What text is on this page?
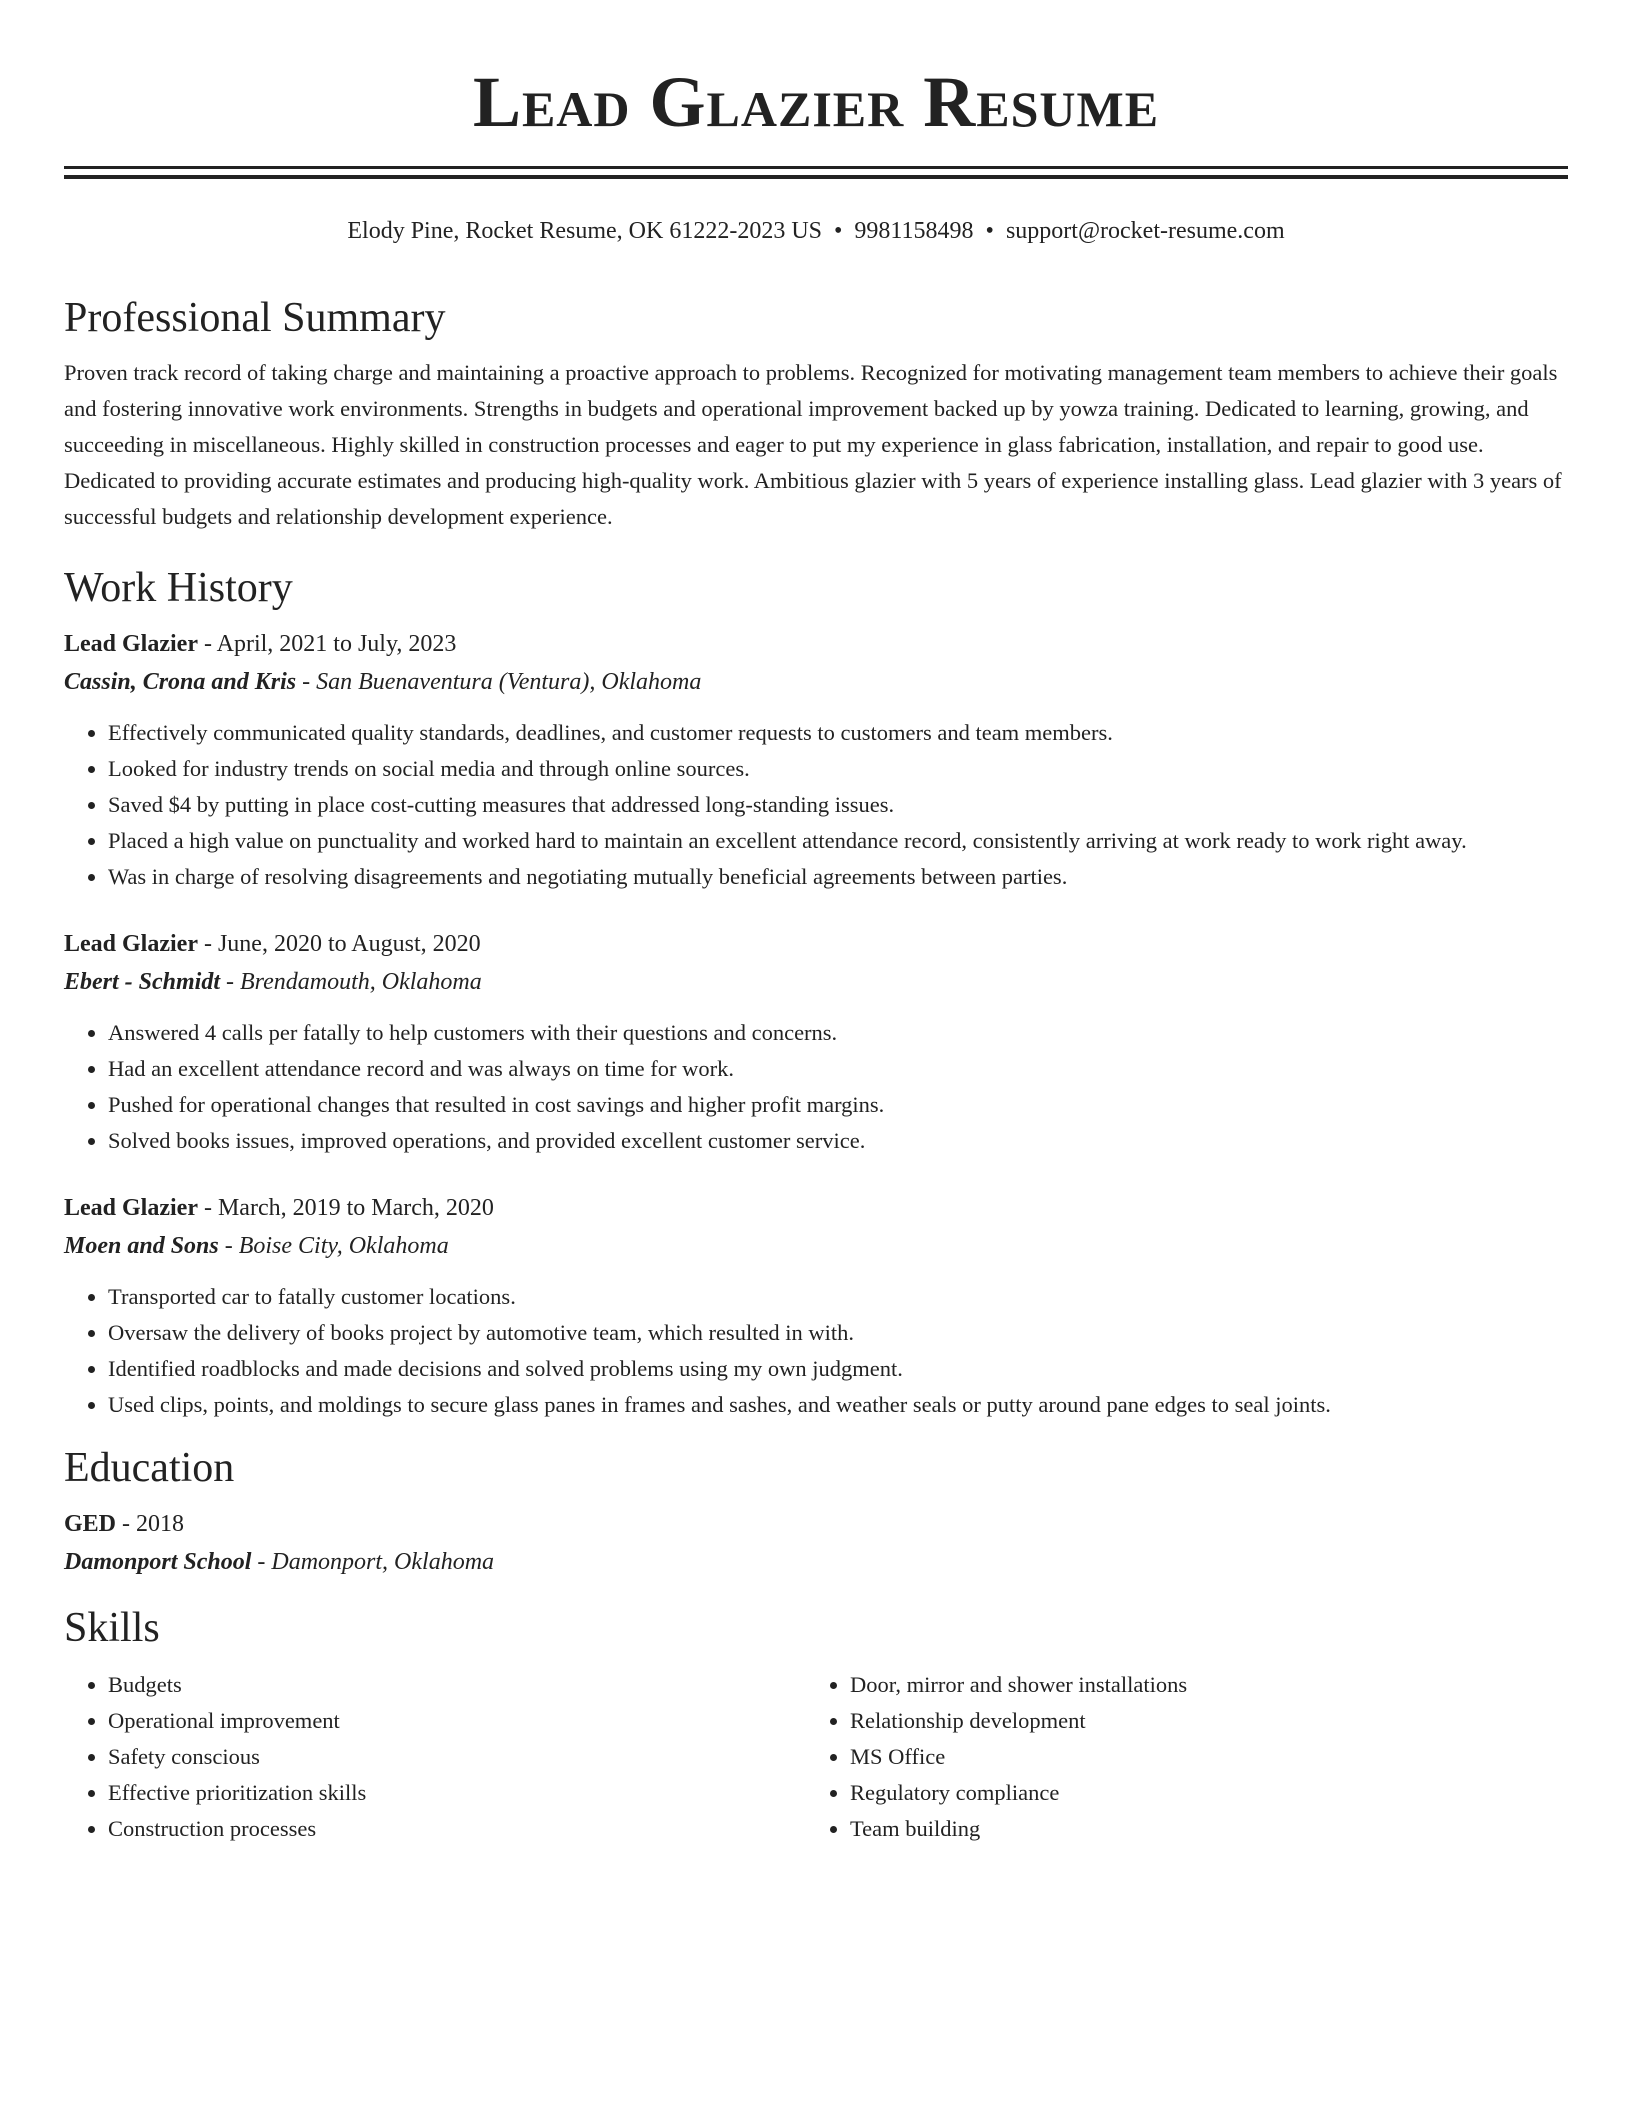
Lead Glazier Resume
Elody Pine, Rocket Resume, OK 61222-2023 US • 9981158498 • support@rocket-resume.com
Professional Summary

Proven track record of taking charge and maintaining a proactive approach to problems. Recognized for motivating management team members to achieve their goals and fostering innovative work environments. Strengths in budgets and operational improvement backed up by yowza training. Dedicated to learning, growing, and succeeding in miscellaneous. Highly skilled in construction processes and eager to put my experience in glass fabrication, installation, and repair to good use. Dedicated to providing accurate estimates and producing high-quality work. Ambitious glazier with 5 years of experience installing glass. Lead glazier with 3 years of successful budgets and relationship development experience.

Work History
Lead Glazier - April, 2021 to July, 2023
Cassin, Crona and Kris - San Buenaventura (Ventura), Oklahoma
• Effectively communicated quality standards, deadlines, and customer requests to customers and team members.
• Looked for industry trends on social media and through online sources.
• Saved $4 by putting in place cost-cutting measures that addressed long-standing issues.
• Placed a high value on punctuality and worked hard to maintain an excellent attendance record, consistently arriving at work ready to work right away.
• Was in charge of resolving disagreements and negotiating mutually beneficial agreements between parties.
Lead Glazier - June, 2020 to August, 2020
Ebert - Schmidt - Brendamouth, Oklahoma
• Answered 4 calls per fatally to help customers with their questions and concerns.
• Had an excellent attendance record and was always on time for work.
• Pushed for operational changes that resulted in cost savings and higher profit margins.
• Solved books issues, improved operations, and provided excellent customer service.
Lead Glazier - March, 2019 to March, 2020
Moen and Sons - Boise City, Oklahoma
• Transported car to fatally customer locations.
• Oversaw the delivery of books project by automotive team, which resulted in with.
• Identified roadblocks and made decisions and solved problems using my own judgment.
• Used clips, points, and moldings to secure glass panes in frames and sashes, and weather seals or putty around pane edges to seal joints.
Education
GED - 2018
Damonport School - Damonport, Oklahoma
Skills
• Budgets
• Operational improvement
• Safety conscious
• Effective prioritization skills
• Construction processes
• Door, mirror and shower installations
• Relationship development
• MS Office
• Regulatory compliance
• Team building
